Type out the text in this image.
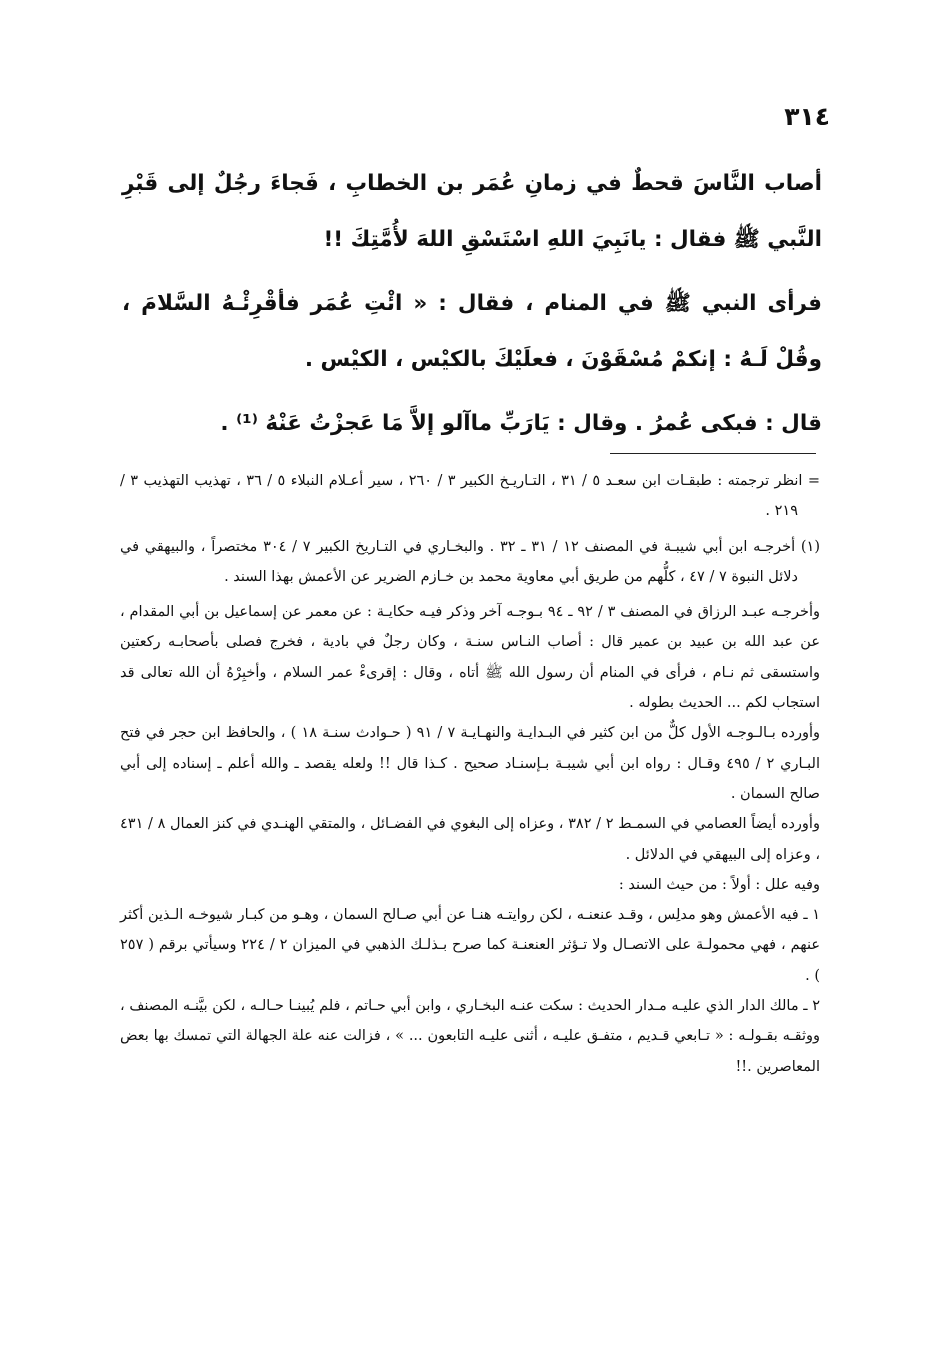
٣١٤

أصاب النَّاسَ قحطٌ في زمانِ عُمَر بن الخطابِ ، فَجاءَ رجُلٌ إلى قَبْرِ النَّبي ﷺ فقال : يانَبِيَ اللهِ اسْتَسْقِ اللهَ لأُمَّتِكَ !!

فرأى النبي ﷺ في المنام ، فقال : « ائْتِ عُمَر فأقْرِئْـهُ السَّلامَ ، وقُلْ لَـهُ : إنكمْ مُسْقَوْنَ ، فعلَيْكَ بالكيْس ، الكيْس .

قال : فبكى عُمرُ . وقال : يَارَبِّ ماآلو إلاَّ مَا عَجزْتُ عَنْهُ ⁽¹⁾ .

= انظر ترجمته : طبقـات ابن سعـد ٥ / ٣١ ، التـاريـخ الكبير ٣ / ٢٦٠ ، سير أعـلام النبلاء ٥ / ٣٦ ، تهذيب التهذيب ٣ / ٢١٩ .

(١) أخرجـه ابن أبي شيبـة في المصنف ١٢ / ٣١ ـ ٣٢ . والبخـاري في التـاريخ الكبير ٧ / ٣٠٤ مختصراً ، والبيهقي في دلائل النبوة ٧ / ٤٧ ، كلُّهم من طريق أبي معاوية محمد بن خـازم الضرير عن الأعمش بهذا السند .

وأخرجـه عبـد الرزاق في المصنف ٣ / ٩٢ ـ ٩٤ بـوجـه آخر وذكر فيـه حكايـة : عن معمر عن إسماعيل بن أبي المقدام ، عن عبد الله بن عبيد بن عمير قال : أصاب النـاس سنـة ، وكان رجلٌ في بادية ، فخرج فصلى بأصحابـه ركعتين واستسقى ثم نـام ، فرأى في المنام أن رسول الله ﷺ أتاه ، وقال : إقرىءْ عمر السلام ، وأخبِرْهُ أن الله تعالى قد استجاب لكم ... الحديث بطوله .

وأورده بـالـوجـه الأول كلٌّ من ابن كثير في البـدايـة والنهـايـة ٧ / ٩١ ( حـوادث سنـة ١٨ ) ، والحافظ ابن حجر في فتح البـاري ٢ / ٤٩٥ وقـال : رواه ابن أبي شيبـة بـإسنـاد صحيح . كـذا قال !! ولعله يقصد ـ والله أعلم ـ إسناده إلى أبي صالح السمان .

وأورده أيضاً العصامي في السمـط ٢ / ٣٨٢ ، وعزاه إلى البغوي في الفضـائل ، والمتقي الهنـدي في كنز العمال ٨ / ٤٣١ ، وعزاه إلى البيهقي في الدلائل .

وفيه علل : أولاً : من حيث السند :

١ ـ فيه الأعمش وهو مدلِس ، وقـد عنعنـه ، لكن روايتـه هنـا عن أبي صـالح السمان ، وهـو من كبـار شيوخـه الـذين أكثر عنهم ، فهي محمولـة على الاتصـال ولا تـؤثر العنعنـة كما صرح بـذلـك الذهبي في الميزان ٢ / ٢٢٤ وسيأتي برقم ( ٢٥٧ ) .

٢ ـ مالك الدار الذي عليـه مـدار الحديث : سكت عنـه البخـاري ، وابن أبي حـاتم ، فلم يُبينـا حـالـه ، لكن بيَّنـه المصنف ، ووثقـه بقـولـه : « تـابعي قـديم ، متفـق عليـه ، أثنى عليـه التابعون ... » ، فزالت عنه علة الجهالة التي تمسك بها بعض المعاصرين .!!
